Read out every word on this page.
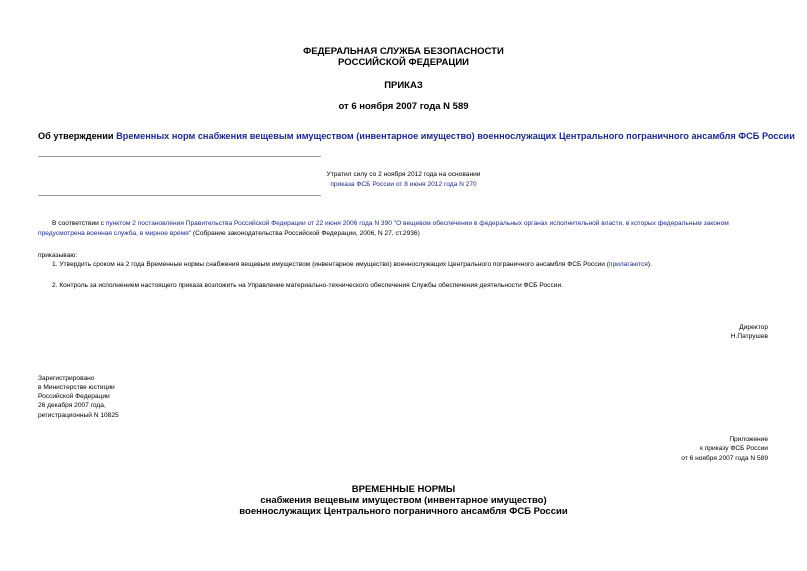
ФЕДЕРАЛЬНАЯ СЛУЖБА БЕЗОПАСНОСТИ
РОССИЙСКОЙ ФЕДЕРАЦИИ
ПРИКАЗ
от 6 ноября 2007 года N 589
Об утверждении Временных норм снабжения вещевым имуществом (инвентарное имущество) военнослужащих Центрального пограничного ансамбля ФСБ России
Утратил силу со 2 ноября 2012 года на основании
приказа ФСБ России от 8 июня 2012 года N 270
В соответствии с пунктом 2 постановления Правительства Российской Федерации от 22 июня 2006 года N 390 "О вещевом обеспечении в федеральных органах исполнительной власти, в которых федеральным законом предусмотрена военная служба, в мирное время" (Собрание законодательства Российской Федерации, 2006, N 27, ст.2936)
приказываю:
1. Утвердить сроком на 2 года Временные нормы снабжения вещевым имуществом (инвентарное имущество) военнослужащих Центрального пограничного ансамбля ФСБ России (прилагаются).
2. Контроль за исполнением настоящего приказа возложить на Управление материально-технического обеспечения Службы обеспечения деятельности ФСБ России.
Директор
Н.Патрушев
Зарегистрировано
в Министерстве юстиции
Российской Федерации
26 декабря 2007 года,
регистрационный N 10825
Приложение
к приказу ФСБ России
от 6 ноября 2007 года N 589
ВРЕМЕННЫЕ НОРМЫ
снабжения вещевым имуществом (инвентарное имущество)
военнослужащих Центрального пограничного ансамбля ФСБ России
